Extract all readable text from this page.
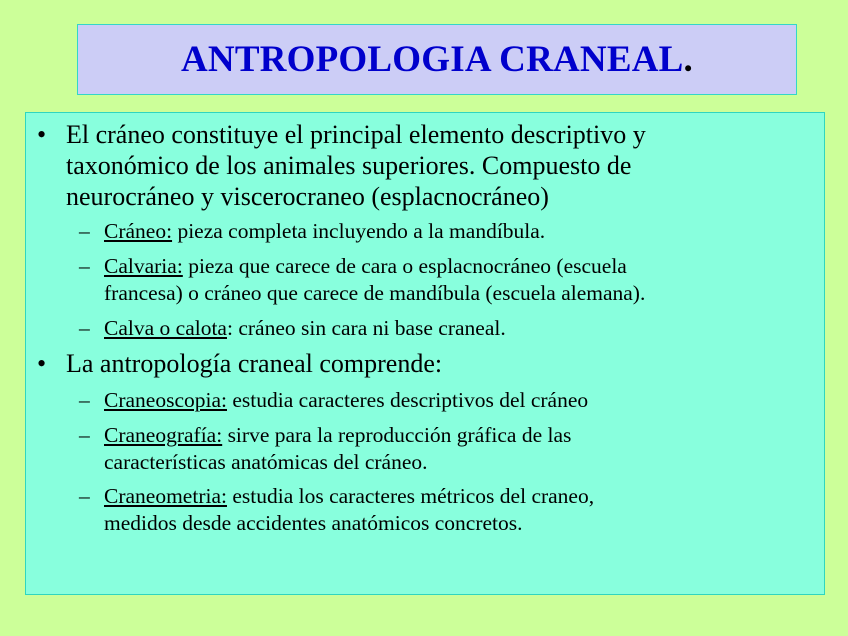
ANTROPOLOGIA CRANEAL.
• El cráneo constituye el principal elemento descriptivo y
taxonómico de los animales superiores. Compuesto de
neurocráneo y viscerocraneo (esplacnocráneo)
– Cráneo: pieza completa incluyendo a la mandíbula.
– Calvaria: pieza que carece de cara o esplacnocráneo (escuela
francesa) o cráneo que carece de mandíbula (escuela alemana).
– Calva o calota: cráneo sin cara ni base craneal.
• La antropología craneal comprende:
– Craneoscopia: estudia caracteres descriptivos del cráneo
– Craneografía: sirve para la reproducción gráfica de las
características anatómicas del cráneo.
– Craneometria: estudia los caracteres métricos del craneo,
medidos desde accidentes anatómicos concretos.
